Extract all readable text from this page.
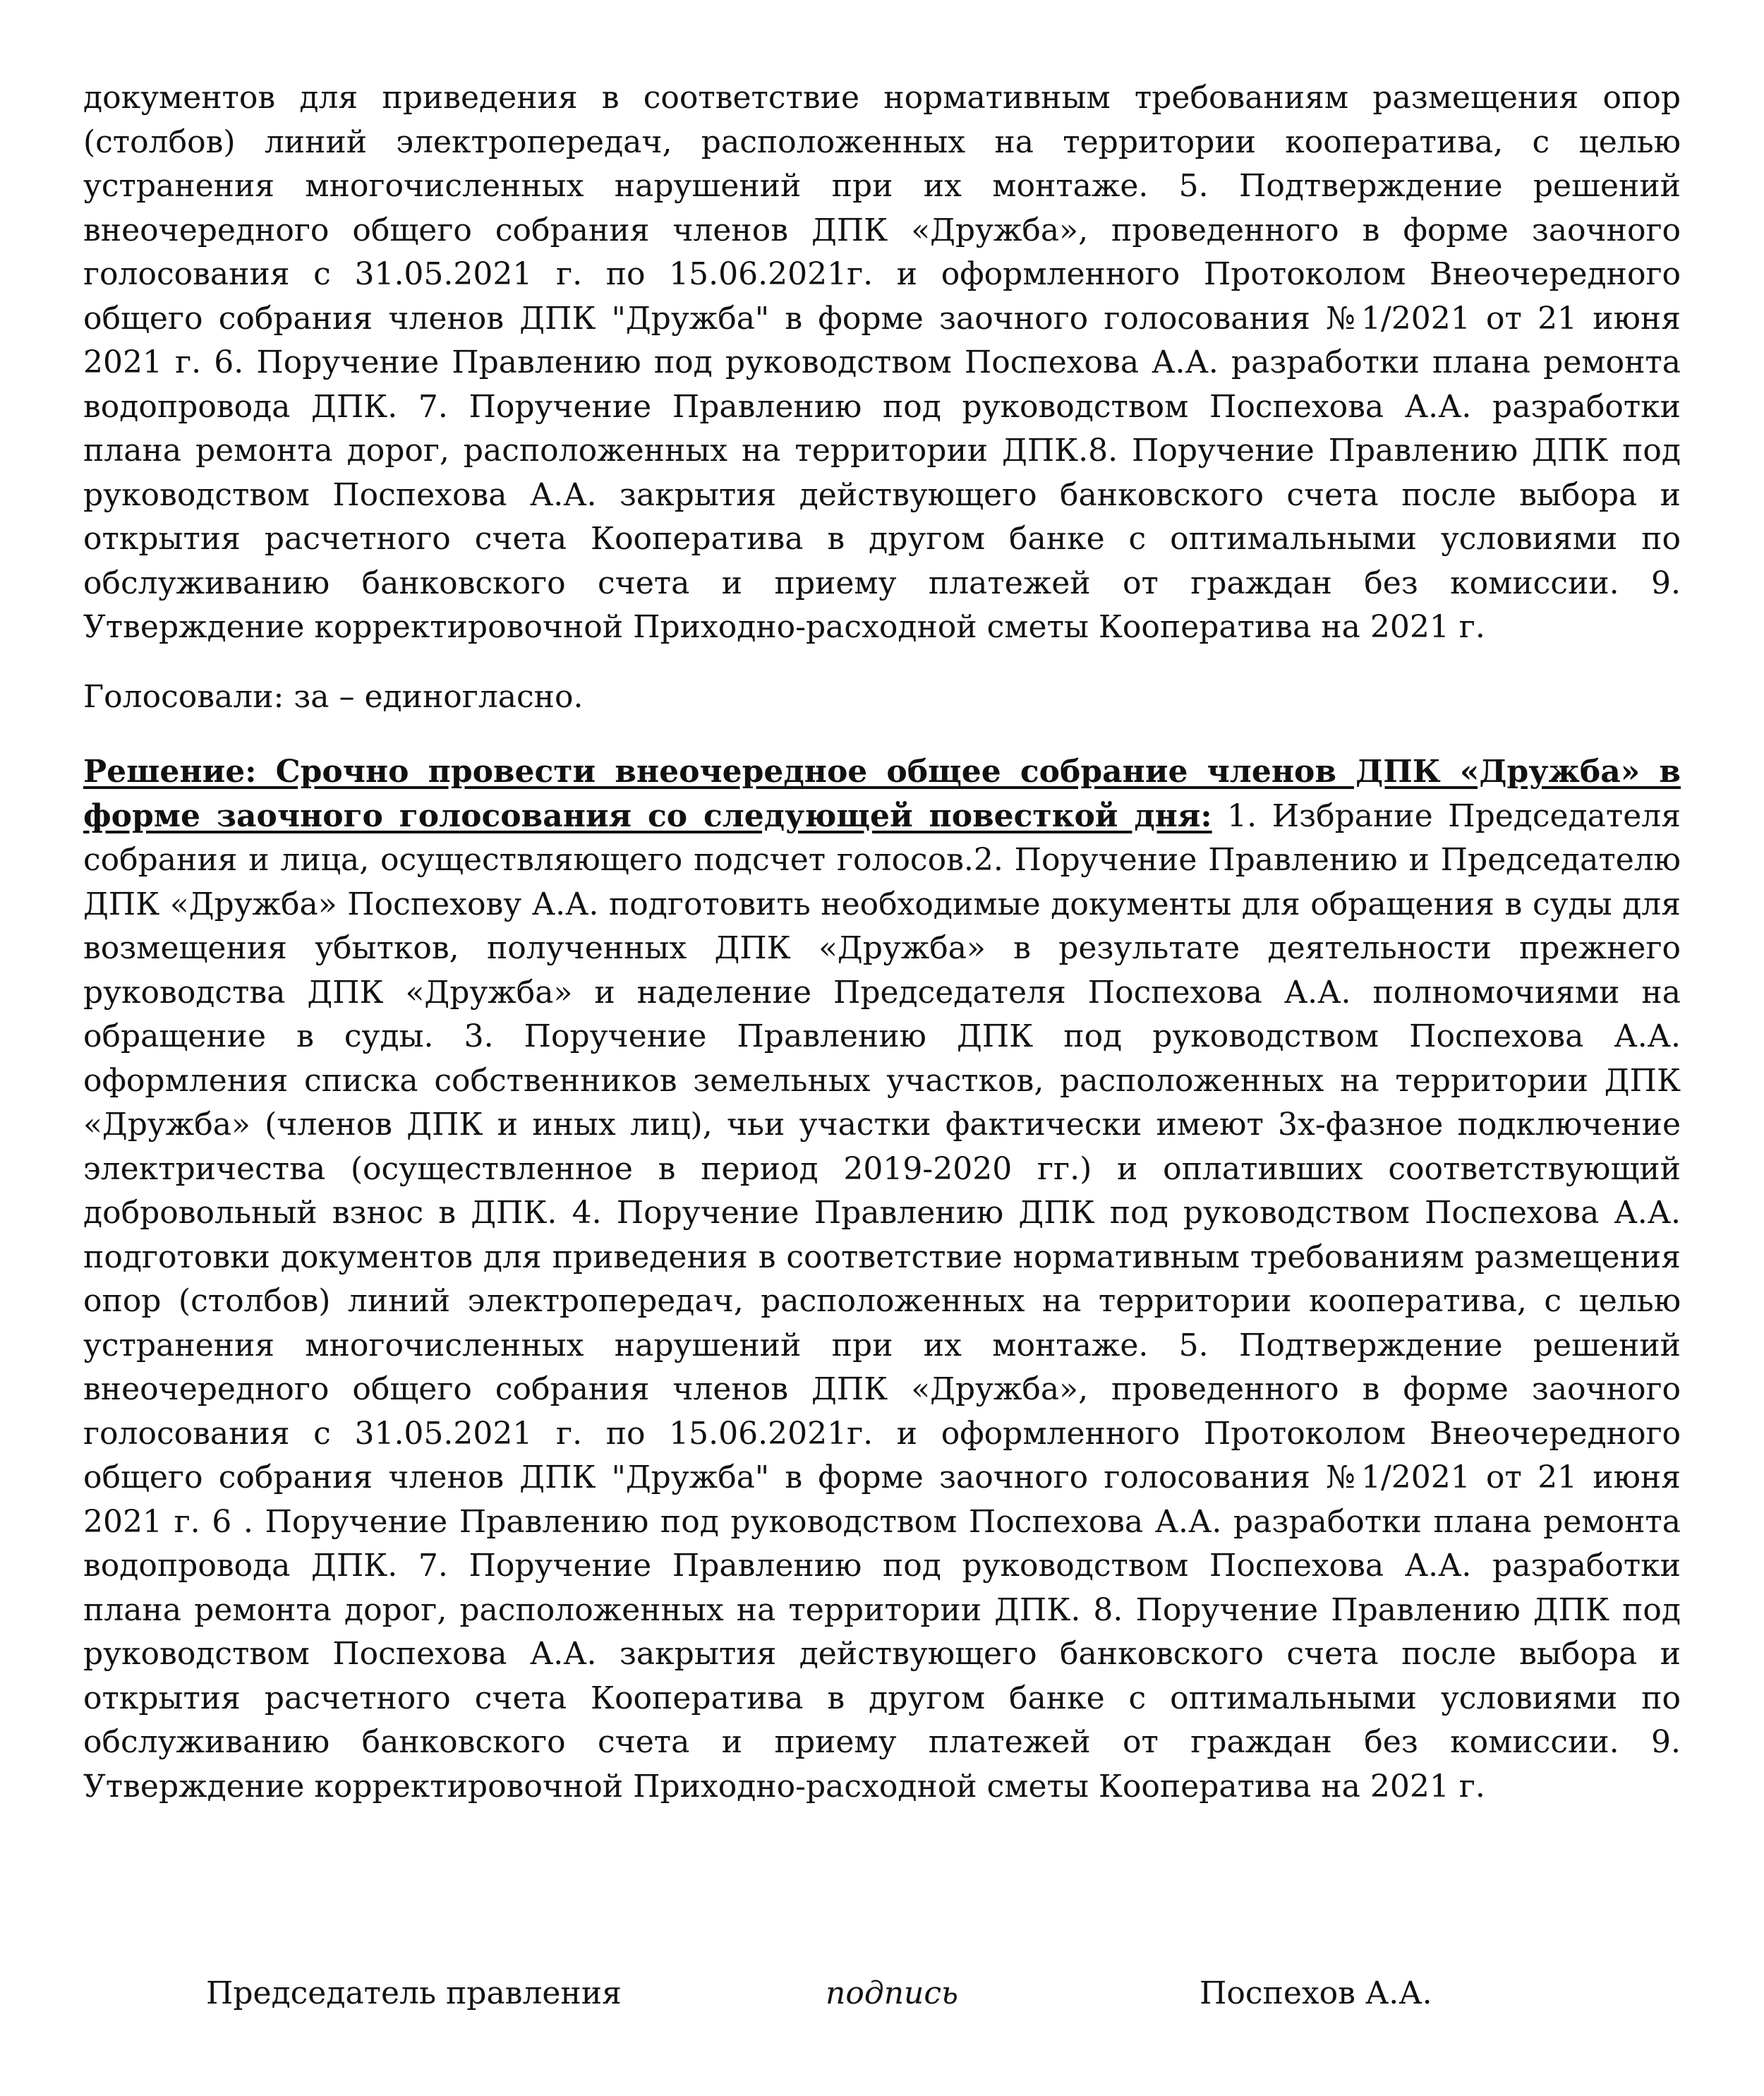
документов для приведения в соответствие нормативным требованиям размещения опор (столбов) линий электропередач, расположенных на территории кооператива, с целью устранения многочисленных нарушений при их монтаже. 5. Подтверждение решений внеочередного общего собрания членов ДПК «Дружба», проведенного в форме заочного голосования с 31.05.2021 г. по 15.06.2021г. и оформленного Протоколом Внеочередного общего собрания членов ДПК "Дружба" в форме заочного голосования №1/2021 от 21 июня 2021 г. 6. Поручение Правлению под руководством Поспехова А.А. разработки плана ремонта водопровода ДПК. 7. Поручение Правлению под руководством Поспехова А.А. разработки плана ремонта дорог, расположенных на территории ДПК.8. Поручение Правлению ДПК под руководством Поспехова А.А. закрытия действующего банковского счета после выбора и открытия расчетного счета Кооператива в другом банке с оптимальными условиями по обслуживанию банковского счета и приему платежей от граждан без комиссии. 9. Утверждение корректировочной Приходно-расходной сметы Кооператива на 2021 г.

Голосовали: за – единогласно.

Решение: Срочно провести внеочередное общее собрание членов ДПК «Дружба» в форме заочного голосования со следующей повесткой дня: 1. Избрание Председателя собрания и лица, осуществляющего подсчет голосов.2. Поручение Правлению и Председателю ДПК «Дружба» Поспехову А.А. подготовить необходимые документы для обращения в суды для возмещения убытков, полученных ДПК «Дружба» в результате деятельности прежнего руководства ДПК «Дружба» и наделение Председателя Поспехова А.А. полномочиями на обращение в суды. 3. Поручение Правлению ДПК под руководством Поспехова А.А. оформления списка собственников земельных участков, расположенных на территории ДПК «Дружба» (членов ДПК и иных лиц), чьи участки фактически имеют 3х-фазное подключение электричества (осуществленное в период 2019-2020 гг.) и оплативших соответствующий добровольный взнос в ДПК. 4. Поручение Правлению ДПК под руководством Поспехова А.А. подготовки документов для приведения в соответствие нормативным требованиям размещения опор (столбов) линий электропередач, расположенных на территории кооператива, с целью устранения многочисленных нарушений при их монтаже. 5. Подтверждение решений внеочередного общего собрания членов ДПК «Дружба», проведенного в форме заочного голосования с 31.05.2021 г. по 15.06.2021г. и оформленного Протоколом Внеочередного общего собрания членов ДПК "Дружба" в форме заочного голосования №1/2021 от 21 июня 2021 г. 6 . Поручение Правлению под руководством Поспехова А.А. разработки плана ремонта водопровода ДПК. 7. Поручение Правлению под руководством Поспехова А.А. разработки плана ремонта дорог, расположенных на территории ДПК. 8. Поручение Правлению ДПК под руководством Поспехова А.А. закрытия действующего банковского счета после выбора и открытия расчетного счета Кооператива в другом банке с оптимальными условиями по обслуживанию банковского счета и приему платежей от граждан без комиссии. 9. Утверждение корректировочной Приходно-расходной сметы Кооператива на 2021 г.

Председатель правления	подпись	Поспехов А.А.
